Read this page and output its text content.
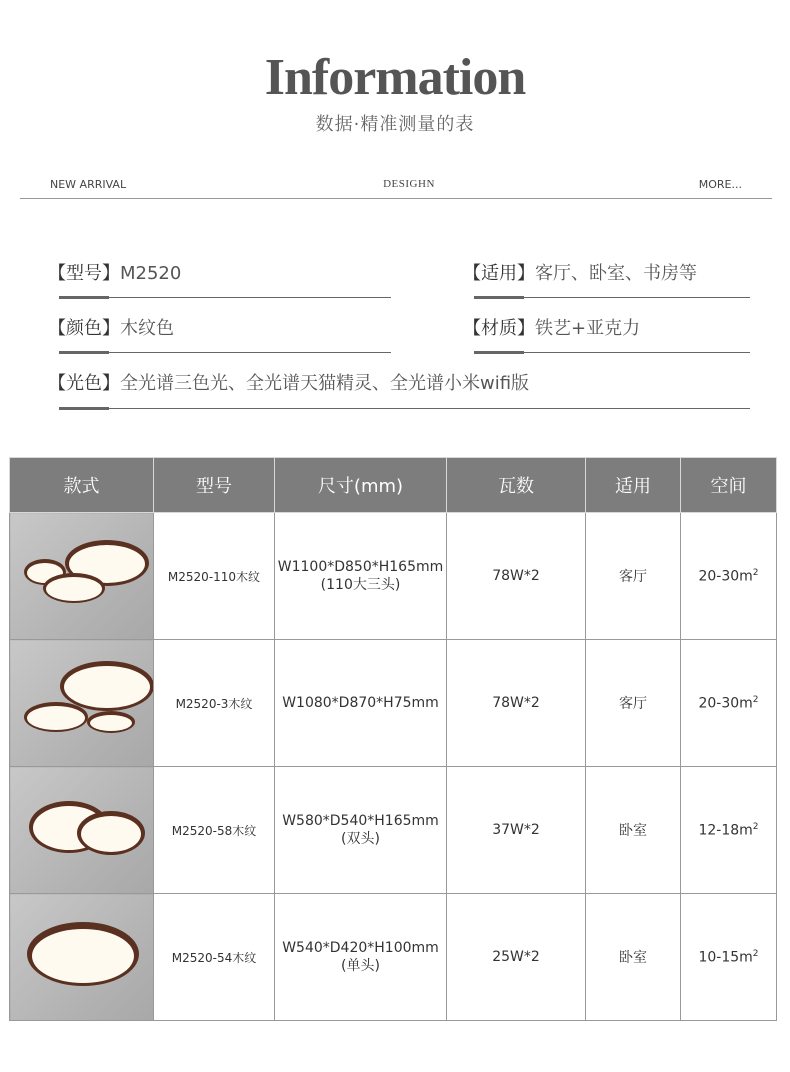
Information
数据·精准测量的表
NEW ARRIVAL	DESIGHN	MORE...
【型号】M2520	【适用】客厅、卧室、书房等
【颜色】木纹色	【材质】铁艺+亚克力
【光色】全光谱三色光、全光谱天猫精灵、全光谱小米wifi版
款式	型号	尺寸(mm)	瓦数	适用	空间
	M2520-110木纹	W1100*D850*H165mm
(110大三头)	78W*2	客厅	$20-30m^2$
	M2520-3木纹	W1080*D870*H75mm	78W*2	客厅	$20-30m^2$
	M2520-58木纹	W580*D540*H165mm
(双头)	37W*2	卧室	$12-18m^2$
	M2520-54木纹	W540*D420*H100mm
(单头)	25W*2	卧室	$10-15m^2$
